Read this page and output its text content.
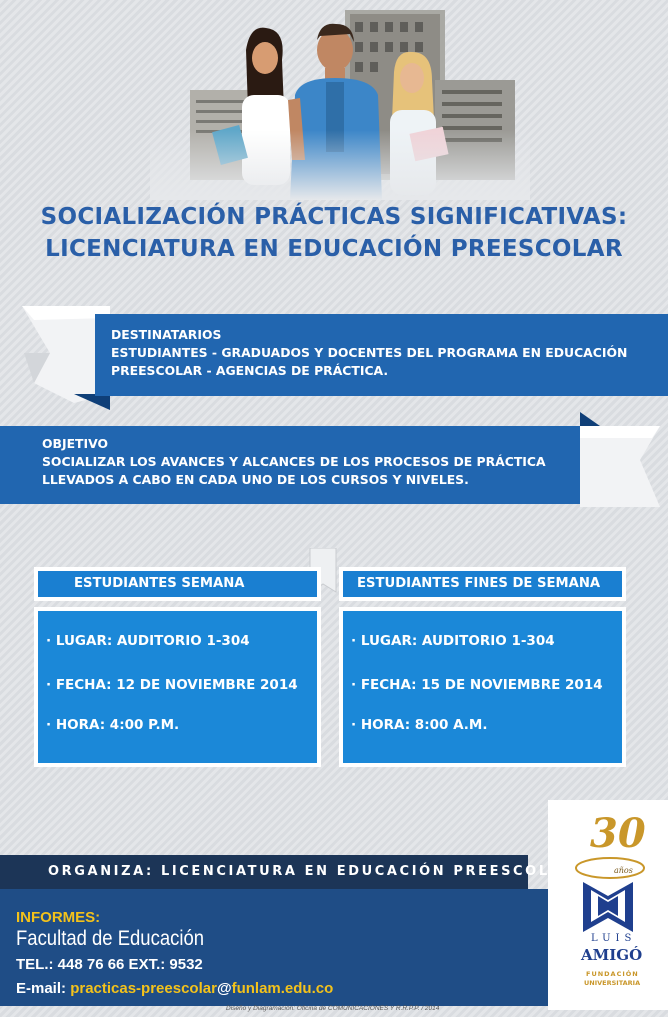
SOCIALIZACIÓN PRÁCTICAS SIGNIFICATIVAS:
LICENCIATURA EN EDUCACIÓN PREESCOLAR
DESTINATARIOS
ESTUDIANTES - GRADUADOS Y DOCENTES DEL PROGRAMA EN EDUCACIÓN
PREESCOLAR - AGENCIAS DE PRÁCTICA.
OBJETIVO
SOCIALIZAR LOS AVANCES Y ALCANCES DE LOS PROCESOS DE PRÁCTICA
LLEVADOS A CABO EN CADA UNO DE LOS CURSOS Y NIVELES.
ESTUDIANTES SEMANA
· LUGAR: AUDITORIO 1-304
· FECHA: 12 DE NOVIEMBRE 2014
· HORA: 4:00 P.M.
ESTUDIANTES FINES DE SEMANA
· LUGAR: AUDITORIO 1-304
· FECHA: 15 DE NOVIEMBRE 2014
· HORA: 8:00 A.M.
30
años
LUIS
AMIGÓ
FUNDACIÓN
UNIVERSITARIA
ORGANIZA: LICENCIATURA EN EDUCACIÓN PREESCOLAR
INFORMES:
Facultad de Educación
TEL.: 448 76 66 EXT.: 9532
E-mail: practicas-preescolar@funlam.edu.co
Diseño y Diagramación: Oficina de COMUNICACIONES Y R.R.P.P. / 2014
